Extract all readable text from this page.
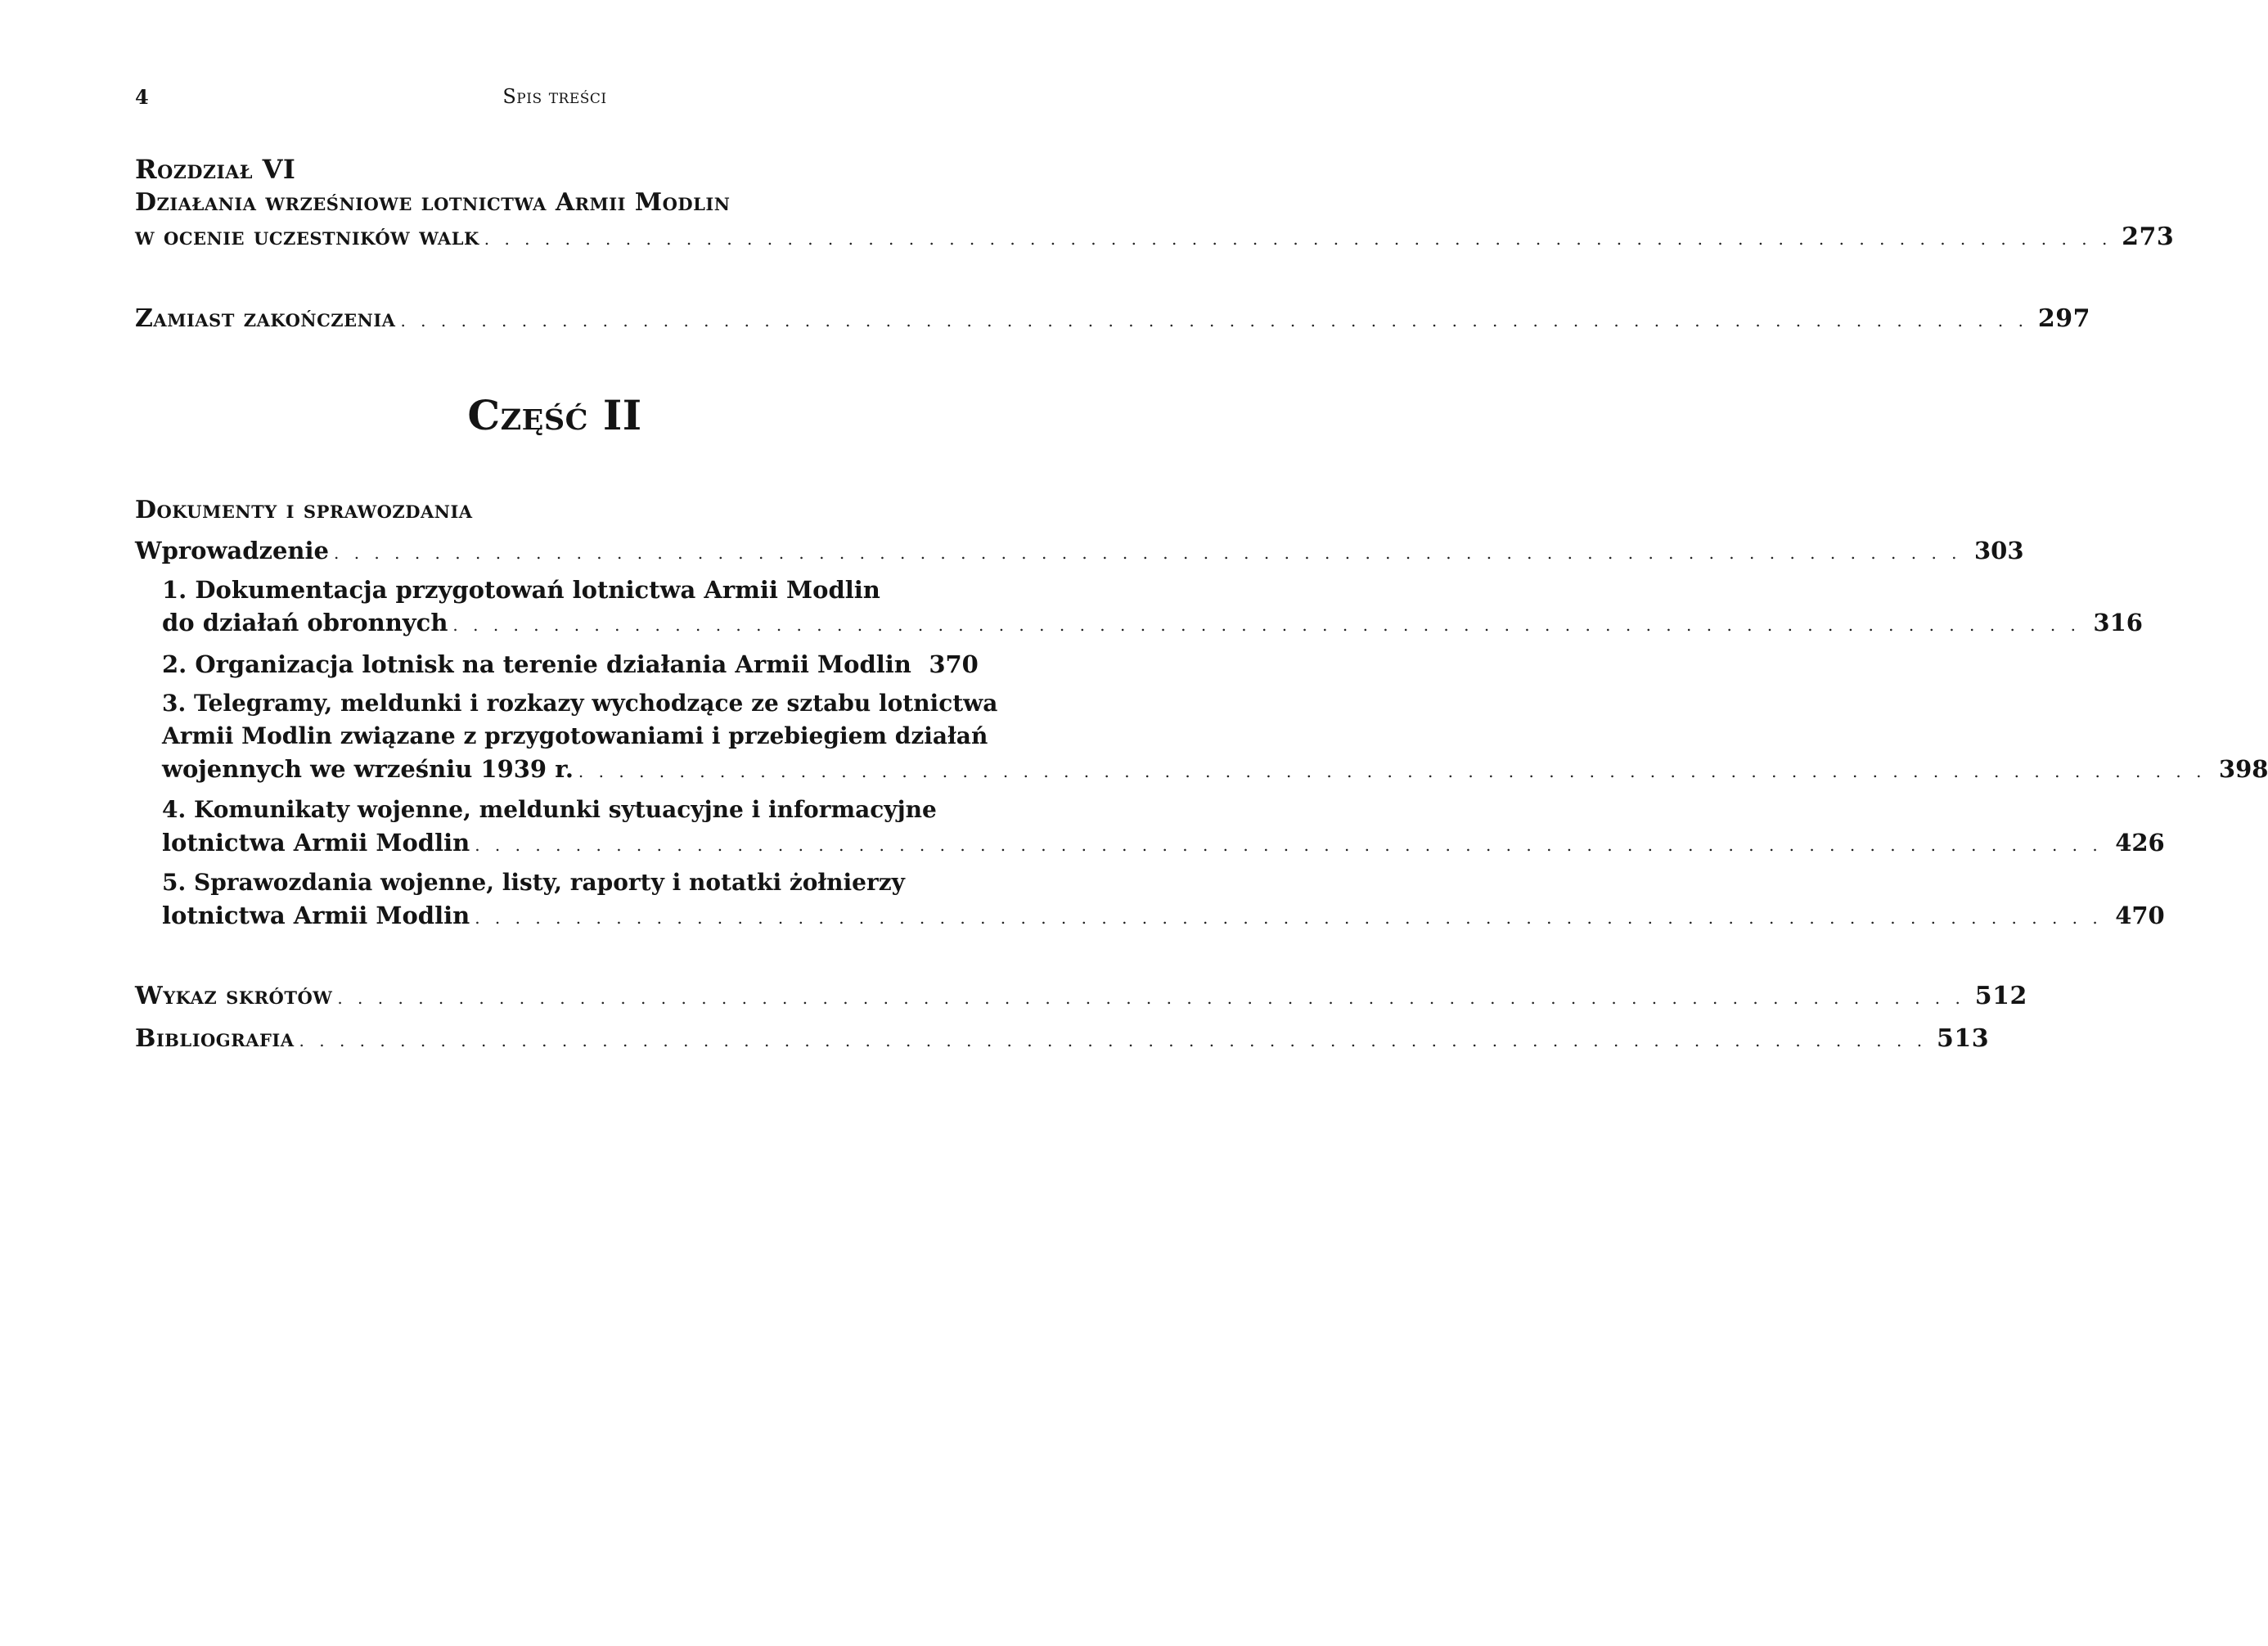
4	Spis treści
Rozdział VI
Działania wrześniowe lotnictwa Armii Modlin
w ocenie uczestników walk . . . . . . . . . . . . . . . . . . . . . . . . . . . . . . . . . . . . . . . . . . . . . . . . . . . . . . . . . . . . . . . . . . . . . . . . . . . . . . . . . 273
Zamiast zakończenia . . . . . . . . . . . . . . . . . . . . . . . . . . . . . . . . . . . . . . . . . . . . . . . . . . . . . . . . . . . . . . . . . . . . . . . . . . . . . . . . . 297
Część II
Dokumenty i sprawozdania
Wprowadzenie . . . . . . . . . . . . . . . . . . . . . . . . . . . . . . . . . . . . . . . . . . . . . . . . . . . . . . . . . . . . . . . . . . . . . . . . . . . . . . . . . 303
1. Dokumentacja przygotowań lotnictwa Armii Modlin
do działań obronnych . . . . . . . . . . . . . . . . . . . . . . . . . . . . . . . . . . . . . . . . . . . . . . . . . . . . . . . . . . . . . . . . . . . . . . . . . . . . . . . . . 316
2. Organizacja lotnisk na terenie działania Armii Modlin 370
3. Telegramy, meldunki i rozkazy wychodzące ze sztabu lotnictwa
Armii Modlin związane z przygotowaniami i przebiegiem działań
wojennych we wrześniu 1939 r. . . . . . . . . . . . . . . . . . . . . . . . . . . . . . . . . . . . . . . . . . . . . . . . . . . . . . . . . . . . . . . . . . . . . . . . . . . . . . . . . . 398
4. Komunikaty wojenne, meldunki sytuacyjne i informacyjne
lotnictwa Armii Modlin . . . . . . . . . . . . . . . . . . . . . . . . . . . . . . . . . . . . . . . . . . . . . . . . . . . . . . . . . . . . . . . . . . . . . . . . . . . . . . . . . 426
5. Sprawozdania wojenne, listy, raporty i notatki żołnierzy
lotnictwa Armii Modlin . . . . . . . . . . . . . . . . . . . . . . . . . . . . . . . . . . . . . . . . . . . . . . . . . . . . . . . . . . . . . . . . . . . . . . . . . . . . . . . . . 470
Wykaz skrótów . . . . . . . . . . . . . . . . . . . . . . . . . . . . . . . . . . . . . . . . . . . . . . . . . . . . . . . . . . . . . . . . . . . . . . . . . . . . . . . . . 512
Bibliografia . . . . . . . . . . . . . . . . . . . . . . . . . . . . . . . . . . . . . . . . . . . . . . . . . . . . . . . . . . . . . . . . . . . . . . . . . . . . . . . . . 513
